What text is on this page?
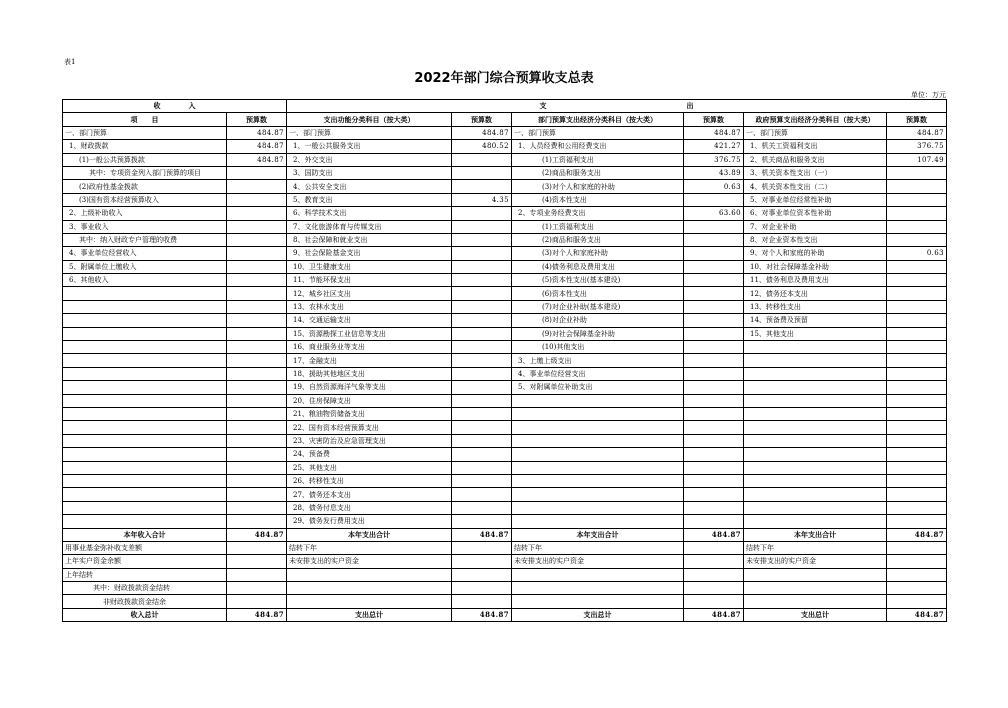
表1
2022年部门综合预算收支总表
单位：万元
收　　　　入		支　　　　　　　　　　　　　　　　　　　　出					
项　　目	预算数	支出功能分类科目（按大类）	预算数	部门预算支出经济分类科目（按大类）	预算数	政府预算支出经济分类科目（按大类）	预算数
一、部门预算	484.87	一、部门预算	484.87	一、部门预算	484.87	一、部门预算	484.87
1、财政拨款	484.87	1、一般公共服务支出	480.52	1、人员经费和公用经费支出	421.27	1、机关工资福利支出	376.75
(1)一般公共预算拨款	484.87	2、外交支出		(1)工资福利支出	376.75	2、机关商品和服务支出	107.49
其中：专项资金列入部门预算的项目		3、国防支出		(2)商品和服务支出	43.89	3、机关资本性支出（一）	
(2)政府性基金拨款		4、公共安全支出		(3)对个人和家庭的补助	0.63	4、机关资本性支出（二）	
(3)国有资本经营预算收入		5、教育支出	4.35	(4)资本性支出		5、对事业单位经常性补助	
2、上级补助收入		6、科学技术支出		2、专项业务经费支出	63.60	6、对事业单位资本性补助	
3、事业收入		7、文化旅游体育与传媒支出		(1)工资福利支出		7、对企业补助	
其中：纳入财政专户管理的收费		8、社会保障和就业支出		(2)商品和服务支出		8、对企业资本性支出	
4、事业单位经营收入		9、社会保险基金支出		(3)对个人和家庭补助		9、对个人和家庭的补助	0.63
5、附属单位上缴收入		10、卫生健康支出		(4)债务利息及费用支出		10、对社会保障基金补助	
6、其他收入		11、节能环保支出		(5)资本性支出(基本建设)		11、债务利息及费用支出	
		12、城乡社区支出		(6)资本性支出		12、债务还本支出	
		13、农林水支出		(7)对企业补助(基本建设)		13、转移性支出	
		14、交通运输支出		(8)对企业补助		14、预备费及预留	
		15、资源勘探工业信息等支出		(9)对社会保障基金补助		15、其他支出	
		16、商业服务业等支出		(10)其他支出			
		17、金融支出		3、上缴上级支出			
		18、援助其他地区支出		4、事业单位经营支出			
		19、自然资源海洋气象等支出		5、对附属单位补助支出			
		20、住房保障支出					
		21、粮油物资储备支出					
		22、国有资本经营预算支出					
		23、灾害防治及应急管理支出					
		24、预备费					
		25、其他支出					
		26、转移性支出					
		27、债务还本支出					
		28、债务付息支出					
		29、债务发行费用支出					
本年收入合计	484.87	本年支出合计	484.87	本年支出合计	484.87	本年支出合计	484.87
用事业基金弥补收支差额		结转下年		结转下年		结转下年	
上年实户资金余额		未安排支出的实户资金		未安排支出的实户资金		未安排支出的实户资金	
上年结转							
其中：财政拨款资金结转							
非财政拨款资金结余							
收入总计	484.87	支出总计	484.87	支出总计	484.87	支出总计	484.87
